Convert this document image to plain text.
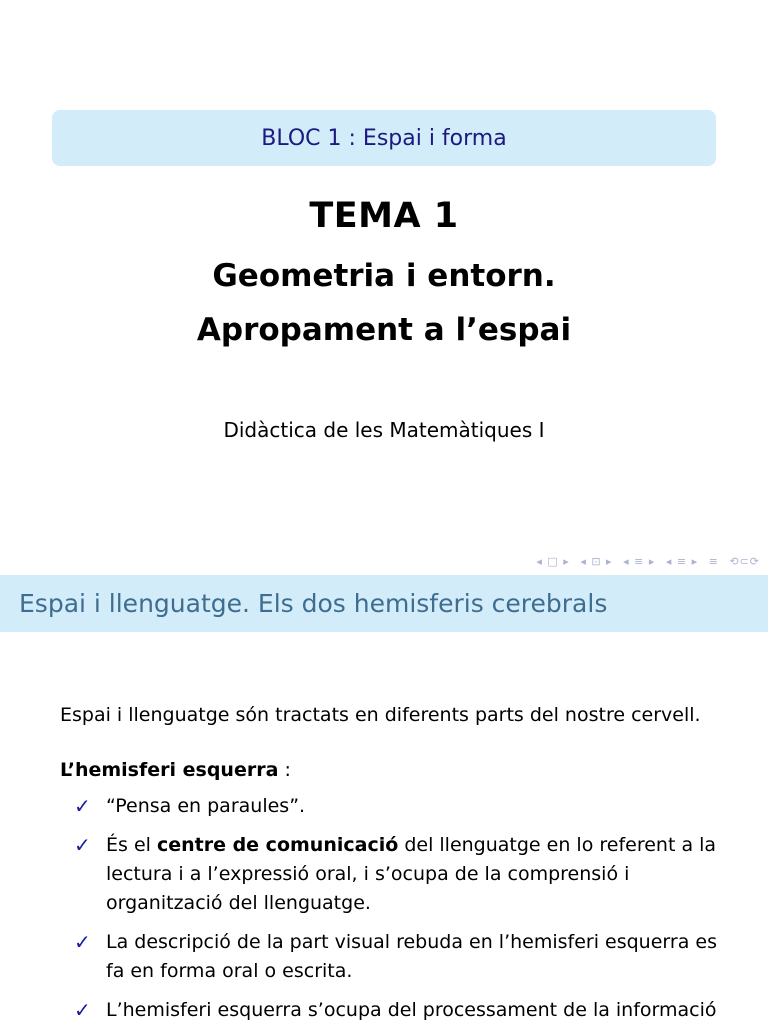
BLOC 1 : Espai i forma
TEMA 1
Geometria i entorn.
Apropament a l’espai
Didàctica de les Matemàtiques I
◂ □ ▸ ◂ ⊡ ▸ ◂ ≡ ▸ ◂ ≡ ▸ ≡ ⟲⊂⟳
Espai i llenguatge. Els dos hemisferis cerebrals
Espai i llenguatge són tractats en diferents parts del nostre cervell.
L’hemisferi esquerra :
✓ “Pensa en paraules”.
✓ És el centre de comunicació del llenguatge en lo referent a la lectura i a l’expressió oral, i s’ocupa de la comprensió i organització del llenguatge.
✓ La descripció de la part visual rebuda en l’hemisferi esquerra es fa en forma oral o escrita.
✓ L’hemisferi esquerra s’ocupa del processament de la informació
